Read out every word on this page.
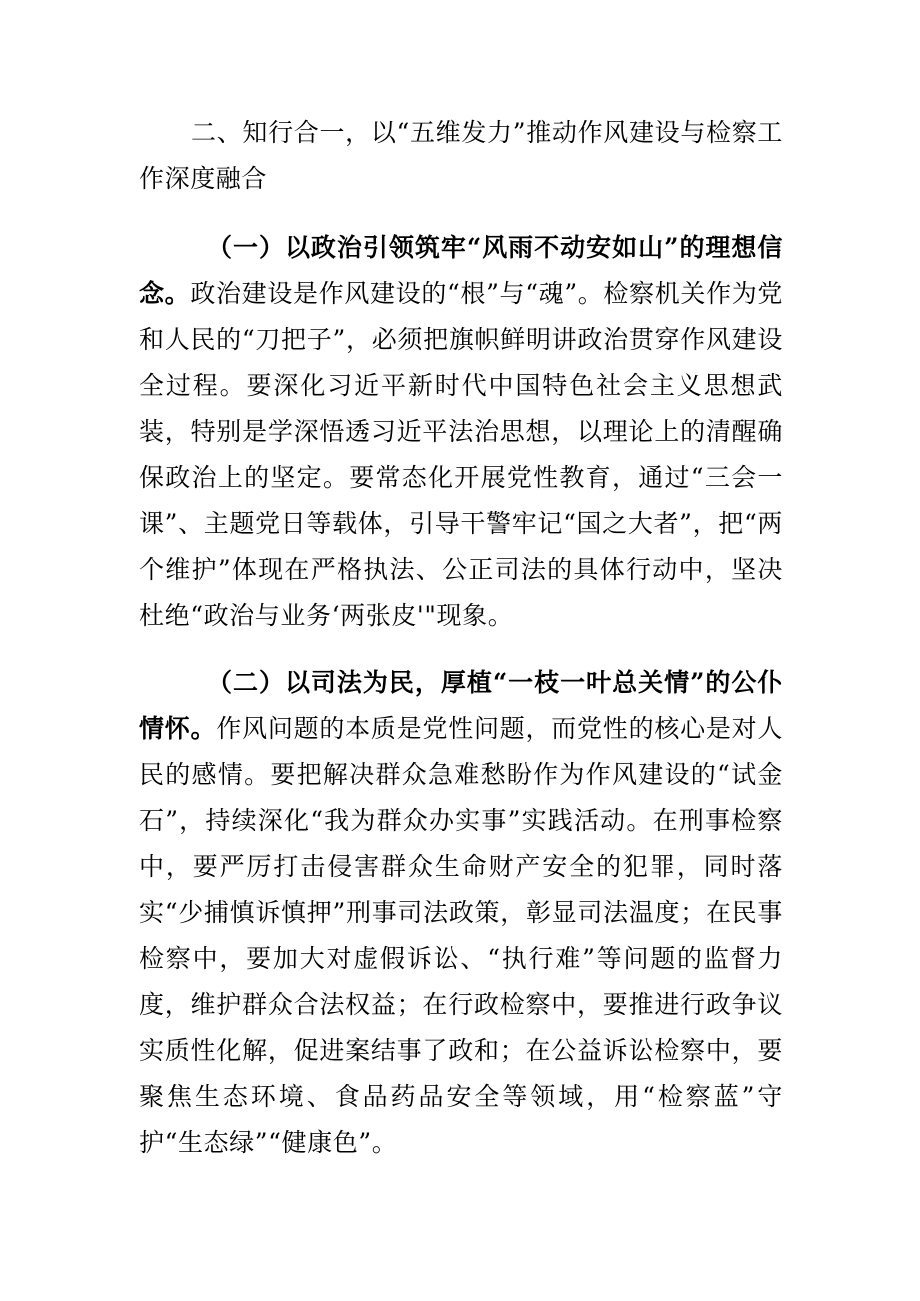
二、知行合一，以“五维发力”推动作风建设与检察工作深度融合
（一）以政治引领筑牢“风雨不动安如山”的理想信念。政治建设是作风建设的“根”与“魂”。检察机关作为党和人民的“刀把子”，必须把旗帜鲜明讲政治贯穿作风建设全过程。要深化习近平新时代中国特色社会主义思想武装，特别是学深悟透习近平法治思想，以理论上的清醒确保政治上的坚定。要常态化开展党性教育，通过“三会一课”、主题党日等载体，引导干警牢记“国之大者”，把“两个维护”体现在严格执法、公正司法的具体行动中，坚决杜绝“政治与业务‘两张皮'"现象。
（二）以司法为民，厚植“一枝一叶总关情”的公仆情怀。作风问题的本质是党性问题，而党性的核心是对人民的感情。要把解决群众急难愁盼作为作风建设的“试金石”，持续深化“我为群众办实事”实践活动。在刑事检察中，要严厉打击侵害群众生命财产安全的犯罪，同时落实“少捕慎诉慎押”刑事司法政策，彰显司法温度；在民事检察中，要加大对虚假诉讼、“执行难”等问题的监督力度，维护群众合法权益；在行政检察中，要推进行政争议实质性化解，促进案结事了政和；在公益诉讼检察中，要聚焦生态环境、食品药品安全等领域，用“检察蓝”守护“生态绿”“健康色”。
